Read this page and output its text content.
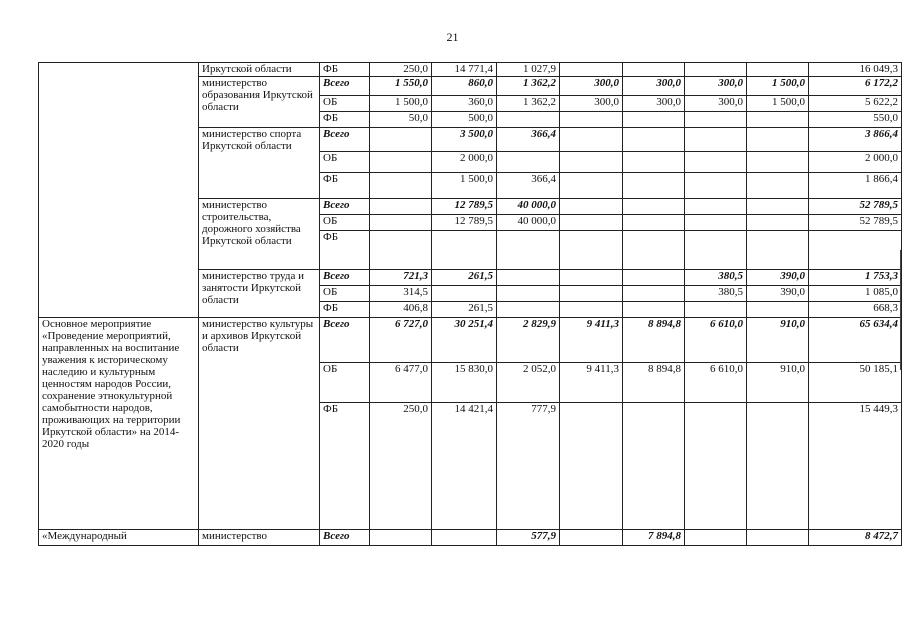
21
	Иркутской области	ФБ	250,0	14 771,4	1 027,9					16 049,3
	министерство образования Иркутской области	Всего	1 550,0	860,0	1 362,2	300,0	300,0	300,0	1 500,0	6 172,2
		ОБ	1 500,0	360,0	1 362,2	300,0	300,0	300,0	1 500,0	5 622,2
		ФБ	50,0	500,0						550,0
	министерство спорта Иркутской области	Всего		3 500,0	366,4					3 866,4
		ОБ		2 000,0						2 000,0
		ФБ		1 500,0	366,4					1 866,4
	министерство строительства, дорожного хозяйства Иркутской области	Всего		12 789,5	40 000,0					52 789,5
		ОБ		12 789,5	40 000,0					52 789,5
		ФБ								
	министерство труда и занятости Иркутской области	Всего	721,3	261,5				380,5	390,0	1 753,3
		ОБ	314,5					380,5	390,0	1 085,0
		ФБ	406,8	261,5						668,3
Основное мероприятие «Проведение мероприятий, направленных на воспитание уважения к историческому наследию и культурным ценностям народов России, сохранение этнокультурной самобытности народов, проживающих на территории Иркутской области» на 2014-2020 годы	министерство культуры и архивов Иркутской области	Всего	6 727,0	30 251,4	2 829,9	9 411,3	8 894,8	6 610,0	910,0	65 634,4
		ОБ	6 477,0	15 830,0	2 052,0	9 411,3	8 894,8	6 610,0	910,0	50 185,1
		ФБ	250,0	14 421,4	777,9					15 449,3
«Международный	министерство	Всего			577,9		7 894,8			8 472,7
